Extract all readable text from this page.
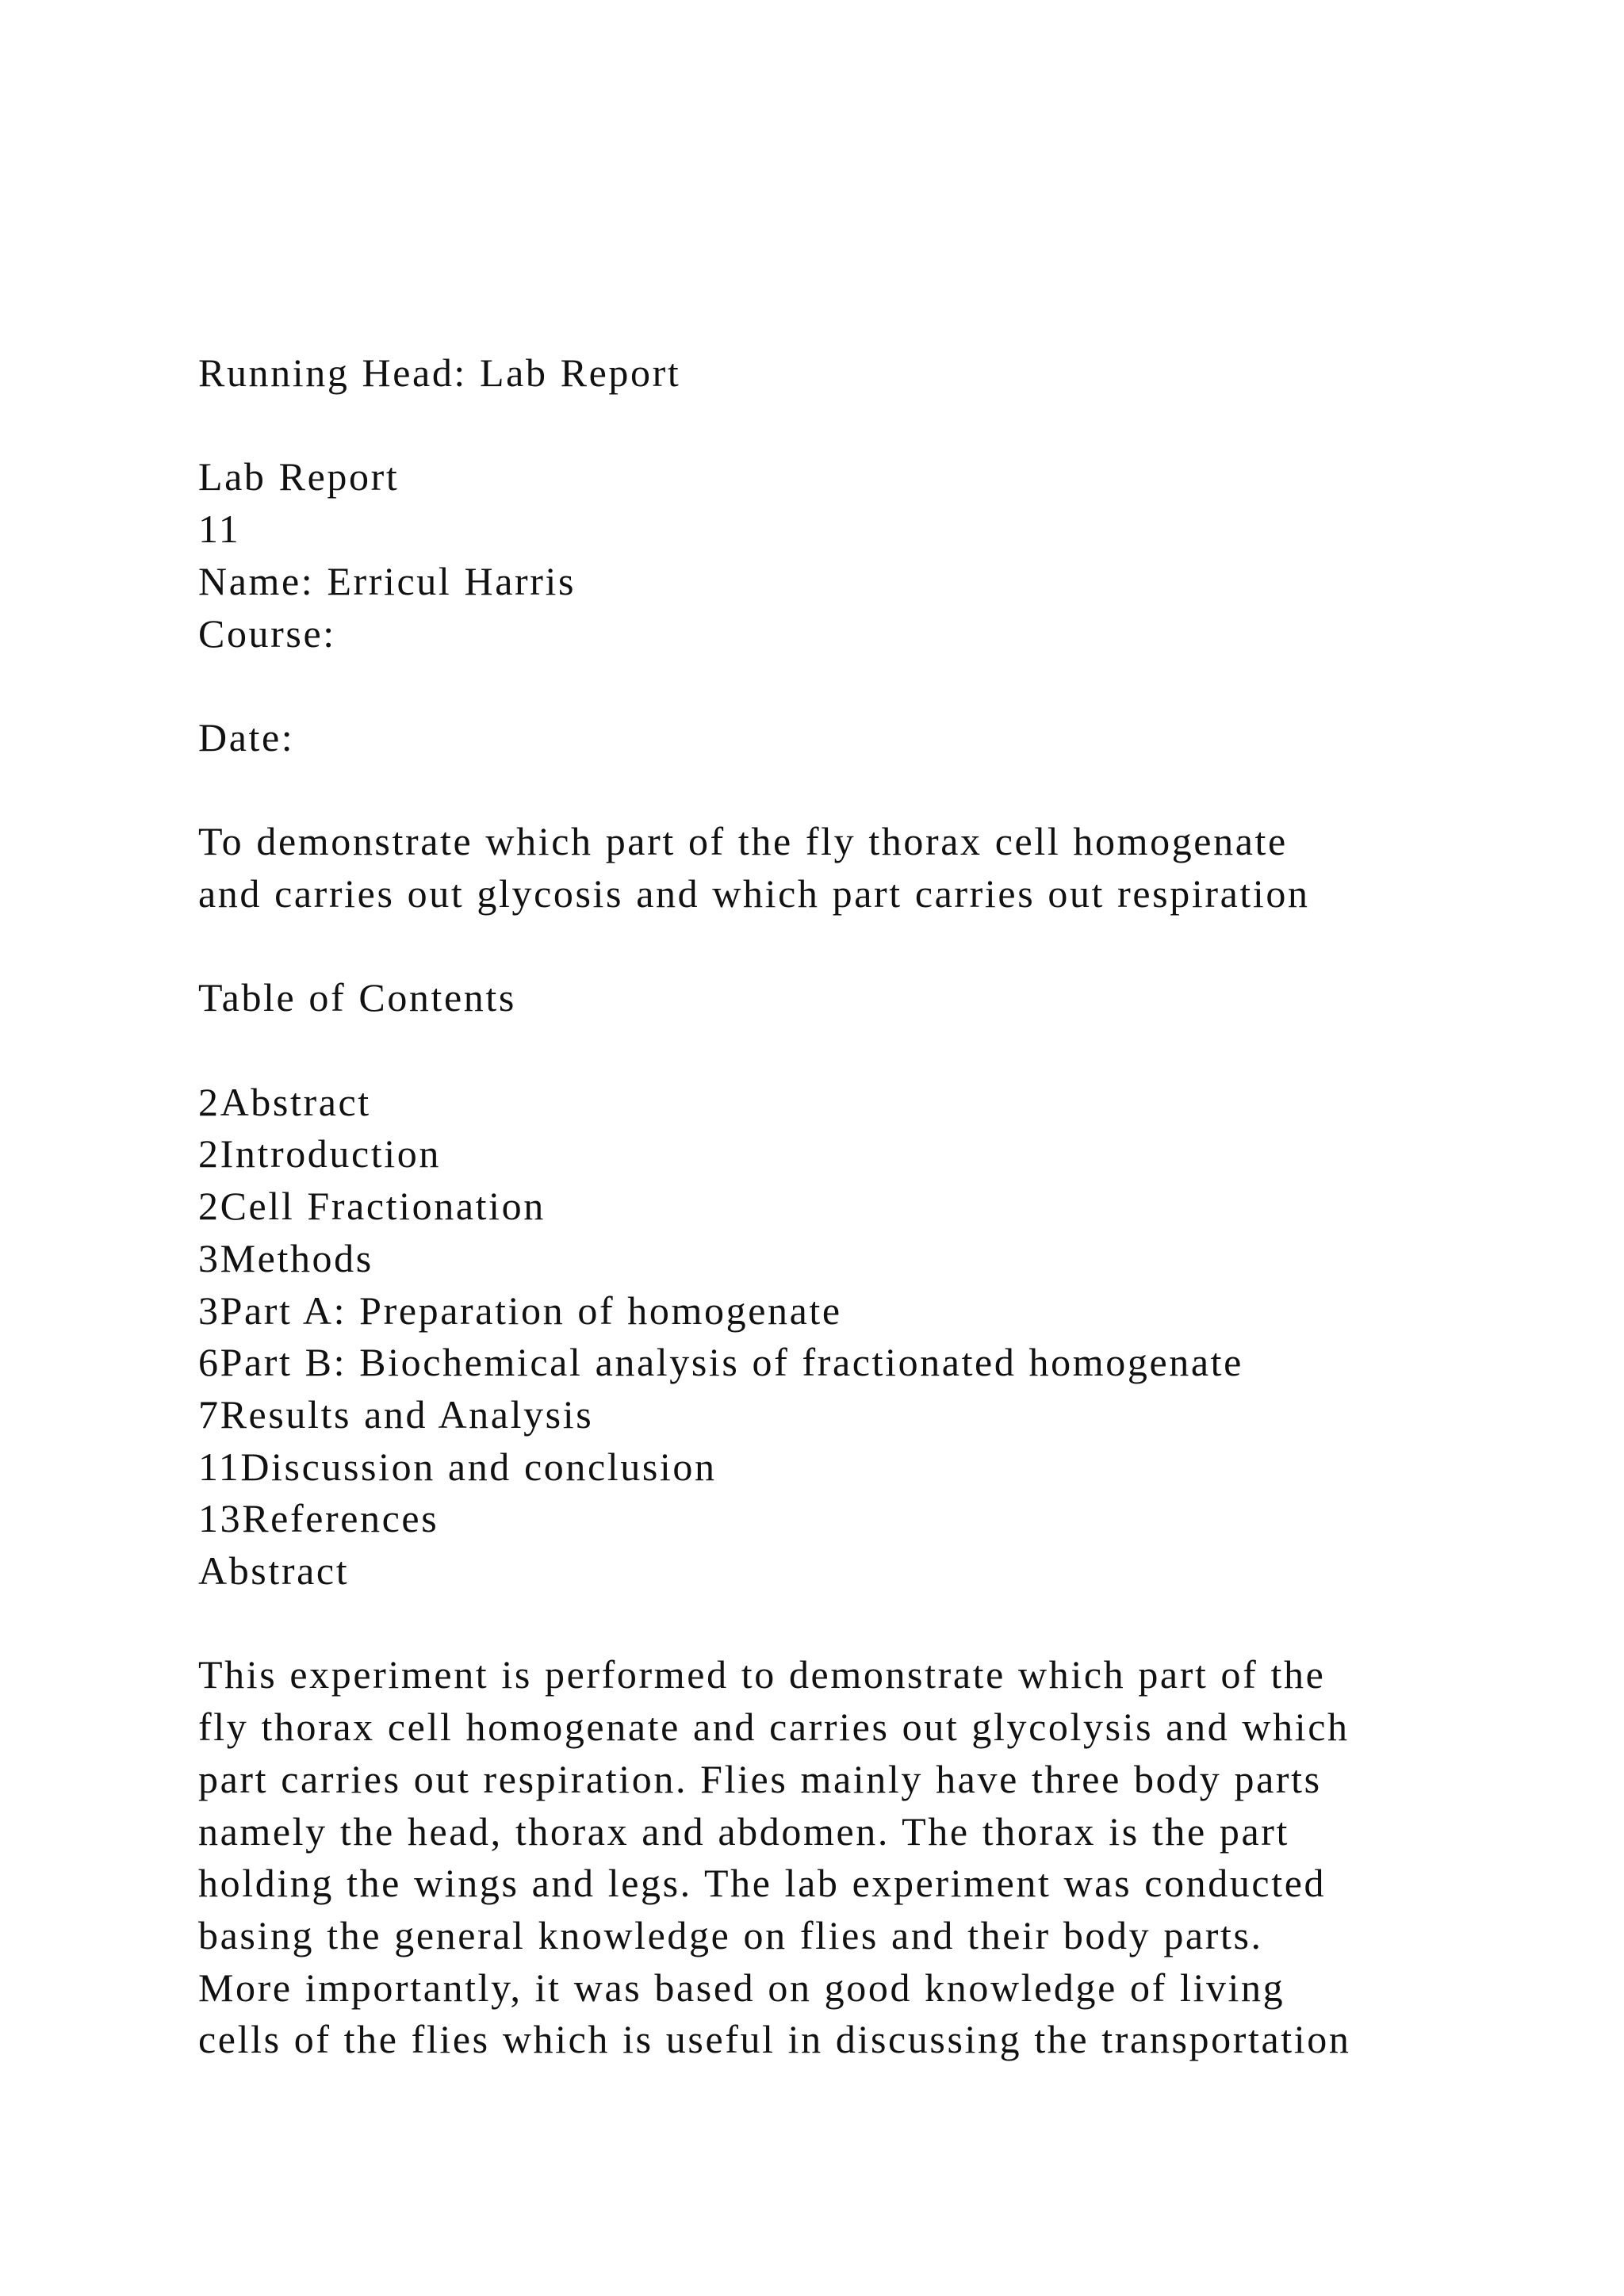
Running Head: Lab Report
Lab Report
11
Name: Erricul Harris
Course:
Date:
To demonstrate which part of the fly thorax cell homogenate
and carries out glycosis and which part carries out respiration
Table of Contents
2Abstract
2Introduction
2Cell Fractionation
3Methods
3Part A: Preparation of homogenate
6Part B: Biochemical analysis of fractionated homogenate
7Results and Analysis
11Discussion and conclusion
13References
Abstract
This experiment is performed to demonstrate which part of the
fly thorax cell homogenate and carries out glycolysis and which
part carries out respiration. Flies mainly have three body parts
namely the head, thorax and abdomen. The thorax is the part
holding the wings and legs. The lab experiment was conducted
basing the general knowledge on flies and their body parts.
More importantly, it was based on good knowledge of living
cells of the flies which is useful in discussing the transportation
